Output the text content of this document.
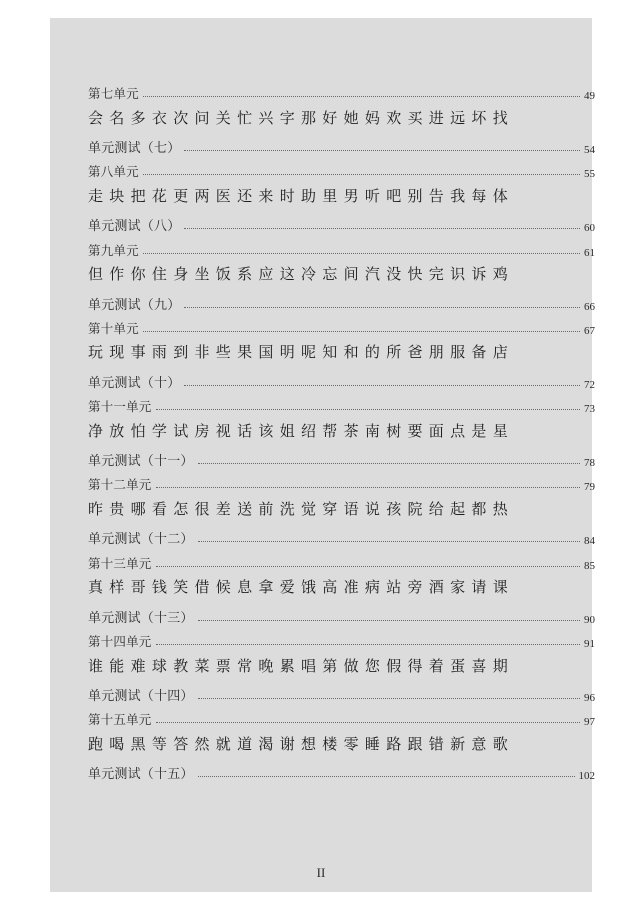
第七单元	49
会名多衣次问关忙兴字那好她妈欢买进远坏找
单元测试（七）	54
第八单元	55
走块把花更两医还来时助里男听吧别告我每体
单元测试（八）	60
第九单元	61
但作你住身坐饭系应这冷忘间汽没快完识诉鸡
单元测试（九）	66
第十单元	67
玩现事雨到非些果国明呢知和的所爸朋服备店
单元测试（十）	72
第十一单元	73
净放怕学试房视话该姐绍帮茶南树要面点是星
单元测试（十一）	78
第十二单元	79
昨贵哪看怎很差送前洗觉穿语说孩院给起都热
单元测试（十二）	84
第十三单元	85
真样哥钱笑借候息拿爱饿高准病站旁酒家请课
单元测试（十三）	90
第十四单元	91
谁能难球教菜票常晚累唱第做您假得着蛋喜期
单元测试（十四）	96
第十五单元	97
跑喝黑等答然就道渴谢想楼零睡路跟错新意歌
单元测试（十五）	102
II
